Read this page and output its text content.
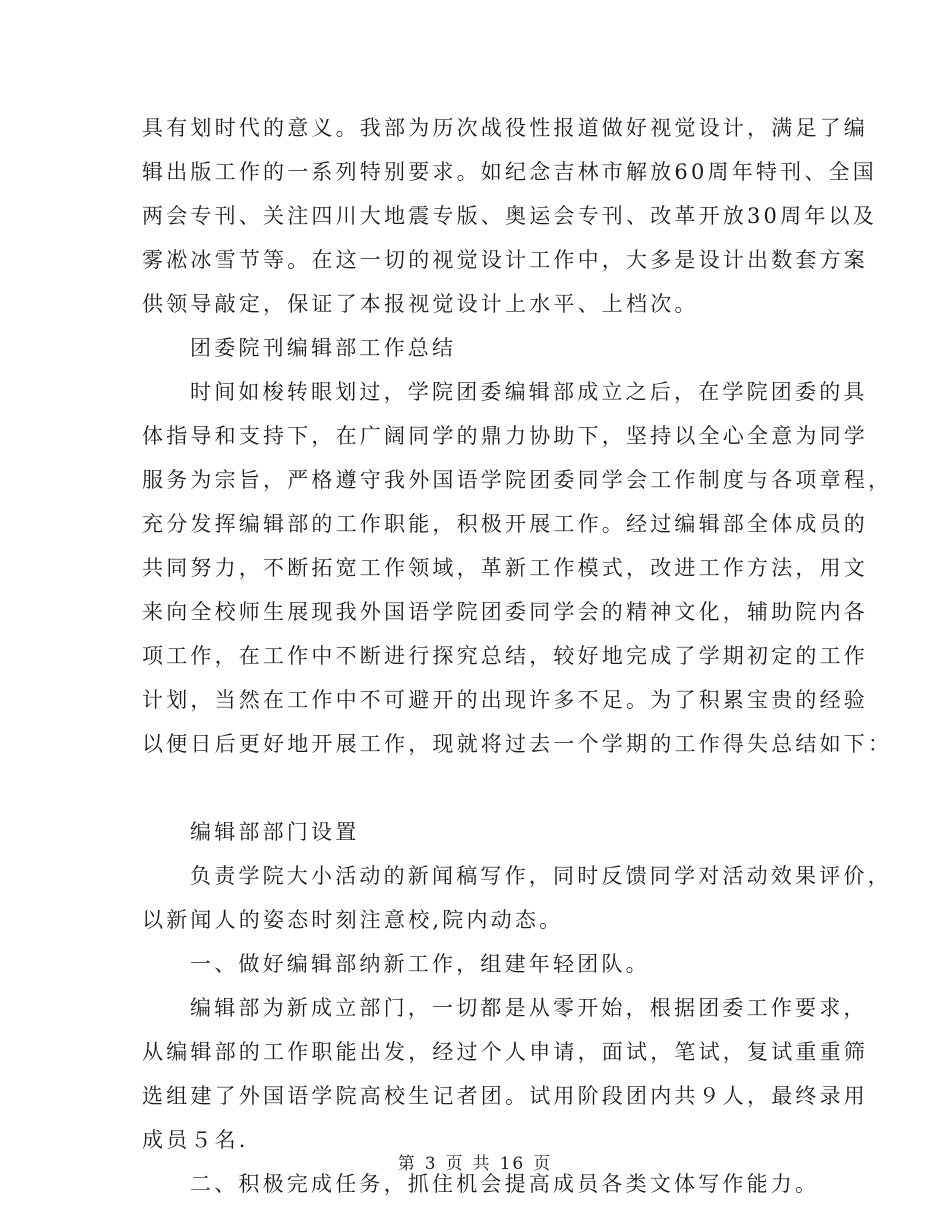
具有划时代的意义。我部为历次战役性报道做好视觉设计，满足了编
辑出版工作的一系列特别要求。如纪念吉林市解放60周年特刊、全国
两会专刊、关注四川大地震专版、奥运会专刊、改革开放30周年以及
雾凇冰雪节等。在这一切的视觉设计工作中，大多是设计出数套方案
供领导敲定，保证了本报视觉设计上水平、上档次。
团委院刊编辑部工作总结
时间如梭转眼划过，学院团委编辑部成立之后，在学院团委的具
体指导和支持下，在广阔同学的鼎力协助下，坚持以全心全意为同学
服务为宗旨，严格遵守我外国语学院团委同学会工作制度与各项章程，
充分发挥编辑部的工作职能，积极开展工作。经过编辑部全体成员的
共同努力，不断拓宽工作领域，革新工作模式，改进工作方法，用文
来向全校师生展现我外国语学院团委同学会的精神文化，辅助院内各
项工作，在工作中不断进行探究总结，较好地完成了学期初定的工作
计划，当然在工作中不可避开的出现许多不足。为了积累宝贵的经验
以便日后更好地开展工作，现就将过去一个学期的工作得失总结如下：
编辑部部门设置
负责学院大小活动的新闻稿写作，同时反馈同学对活动效果评价，
以新闻人的姿态时刻注意校,院内动态。
一、做好编辑部纳新工作，组建年轻团队。
编辑部为新成立部门，一切都是从零开始，根据团委工作要求，
从编辑部的工作职能出发，经过个人申请，面试，笔试，复试重重筛
选组建了外国语学院高校生记者团。试用阶段团内共９人，最终录用
成员５名.
二、积极完成任务，抓住机会提高成员各类文体写作能力。
第 3 页 共 16 页
